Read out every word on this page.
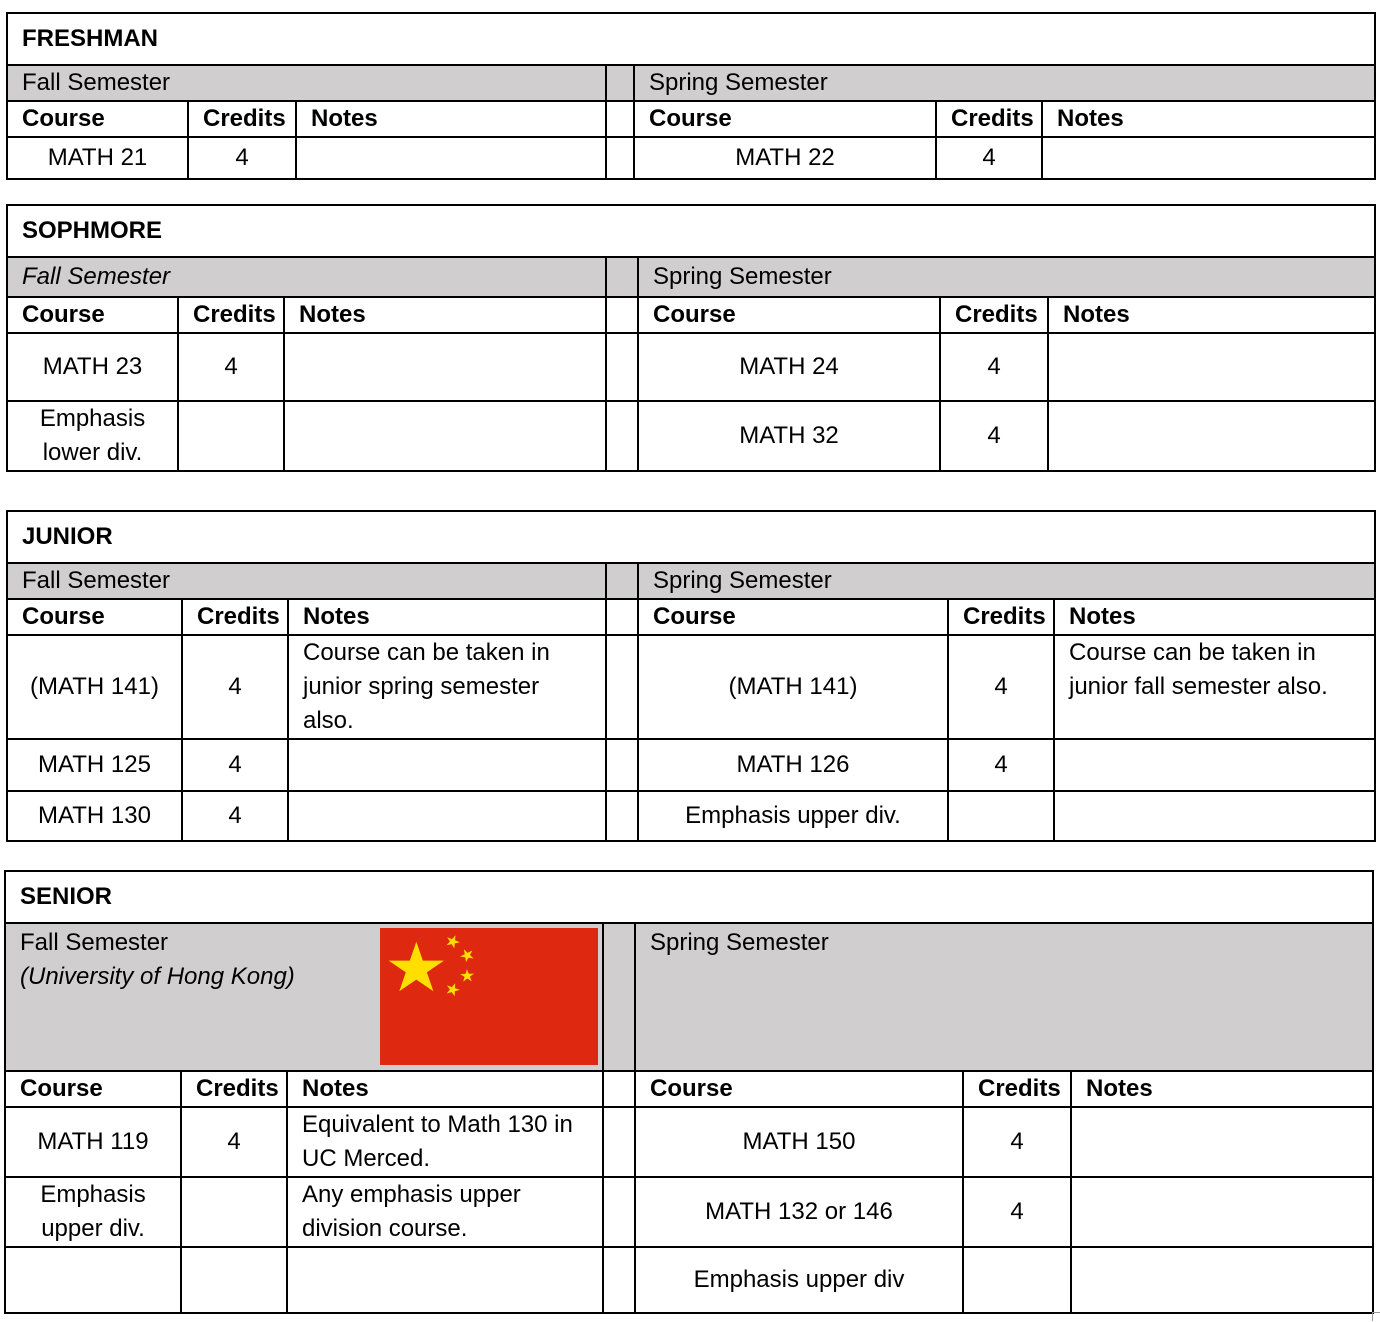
FRESHMAN						
Fall Semester				Spring Semester		
Course	Credits	Notes		Course	Credits	Notes
MATH 21	4			MATH 22	4	
SOPHMORE						
Fall Semester				Spring Semester		
Course	Credits	Notes		Course	Credits	Notes
MATH 23	4			MATH 24	4	
Emphasis lower div.				MATH 32	4	
JUNIOR						
Fall Semester				Spring Semester		
Course	Credits	Notes		Course	Credits	Notes
(MATH 141)	4	Course can be taken in junior spring semester also.		(MATH 141)	4	Course can be taken in junior fall semester also.
MATH 125	4			MATH 126	4	
MATH 130	4			Emphasis upper div.		
SENIOR						

Fall Semester
(University of Hong Kong)				Spring Semester		
Course	Credits	Notes		Course	Credits	Notes
MATH 119	4	Equivalent to Math 130 in UC Merced.		MATH 150	4	
Emphasis upper div.		Any emphasis upper division course.		MATH 132 or 146	4	
				Emphasis upper div		
